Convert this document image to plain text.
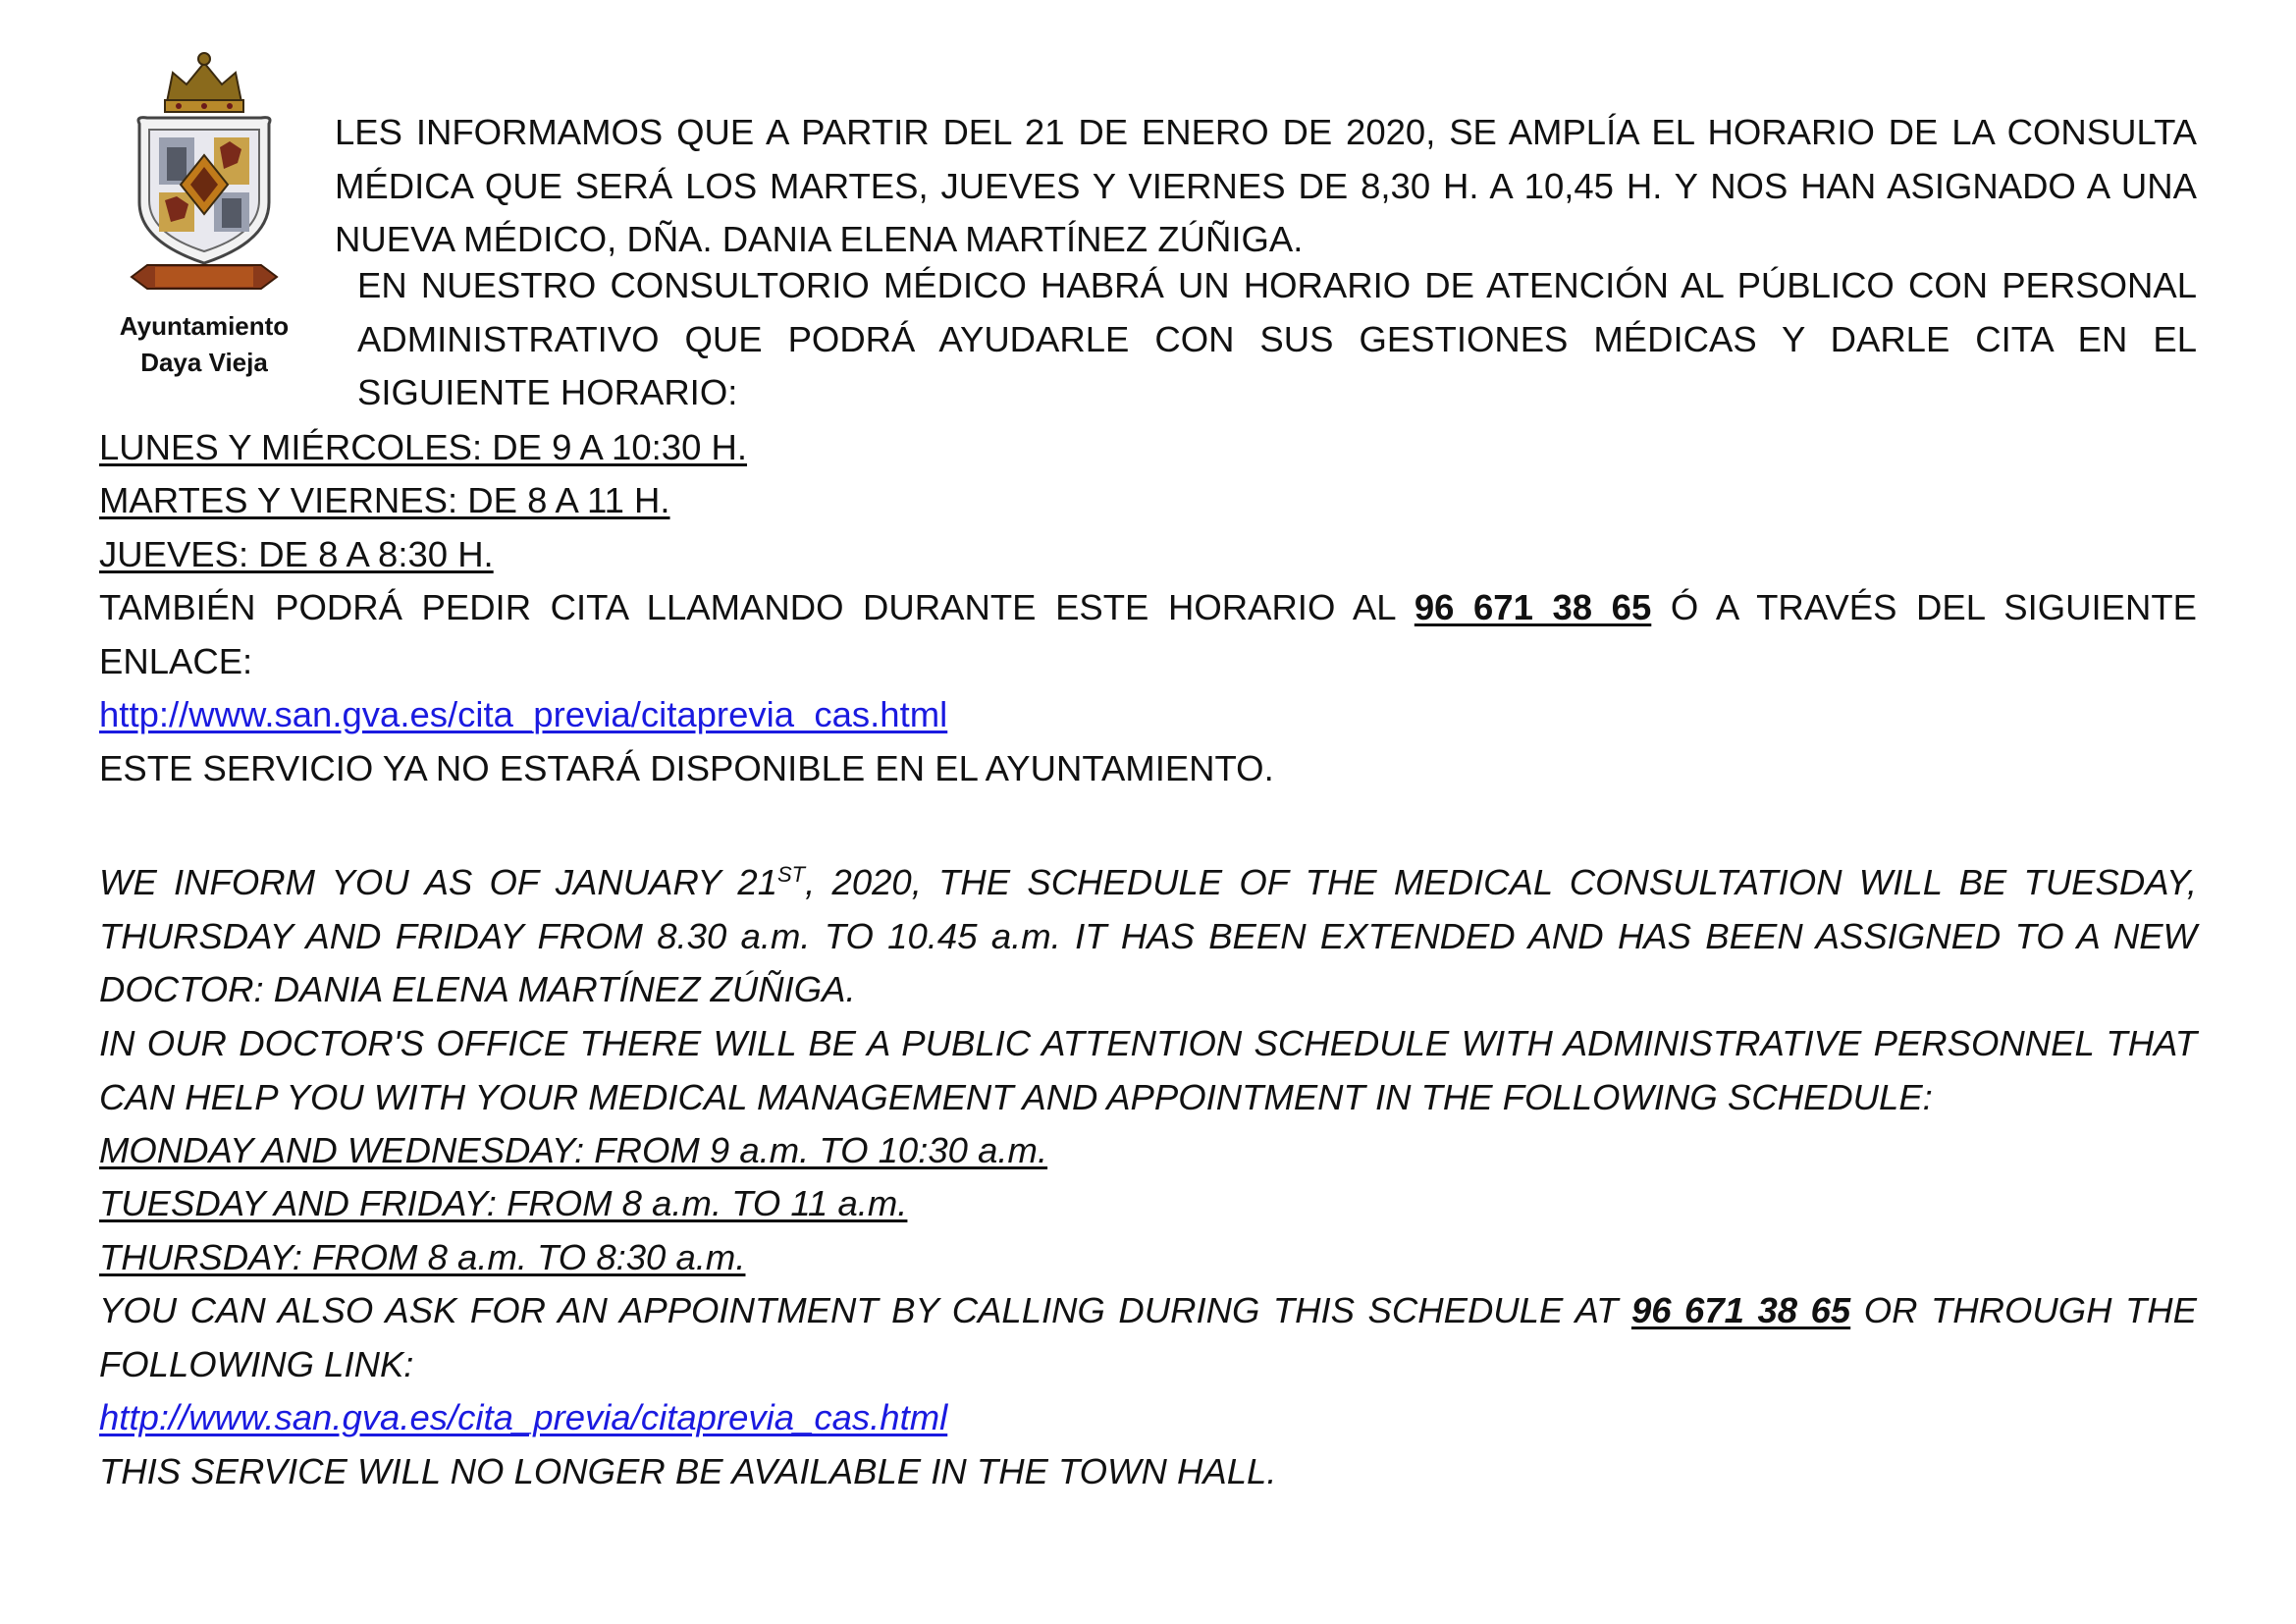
Ayuntamiento
Daya Vieja
LES INFORMAMOS QUE A PARTIR DEL 21 DE ENERO DE 2020, SE AMPLÍA EL HORARIO DE LA CONSULTA MÉDICA QUE SERÁ LOS MARTES, JUEVES Y VIERNES DE 8,30 H. A 10,45 H. Y NOS HAN ASIGNADO A UNA NUEVA MÉDICO, DÑA. DANIA ELENA MARTÍNEZ ZÚÑIGA.
EN NUESTRO CONSULTORIO MÉDICO HABRÁ UN HORARIO DE ATENCIÓN AL PÚBLICO CON PERSONAL ADMINISTRATIVO QUE PODRÁ AYUDARLE CON SUS GESTIONES MÉDICAS Y DARLE CITA EN EL SIGUIENTE HORARIO:
LUNES Y MIÉRCOLES: DE 9 A 10:30 H.
MARTES Y VIERNES: DE 8 A 11 H.
JUEVES: DE 8 A 8:30 H.
TAMBIÉN PODRÁ PEDIR CITA LLAMANDO DURANTE ESTE HORARIO AL 96 671 38 65 Ó A TRAVÉS DEL SIGUIENTE ENLACE:
http://www.san.gva.es/cita_previa/citaprevia_cas.html
ESTE SERVICIO YA NO ESTARÁ DISPONIBLE EN EL AYUNTAMIENTO.
WE INFORM YOU AS OF JANUARY 21ST, 2020, THE SCHEDULE OF THE MEDICAL CONSULTATION WILL BE TUESDAY, THURSDAY AND FRIDAY FROM 8.30 a.m. TO 10.45 a.m. IT HAS BEEN EXTENDED AND HAS BEEN ASSIGNED TO A NEW DOCTOR: DANIA ELENA MARTÍNEZ ZÚÑIGA.
IN OUR DOCTOR'S OFFICE THERE WILL BE A PUBLIC ATTENTION SCHEDULE WITH ADMINISTRATIVE PERSONNEL THAT CAN HELP YOU WITH YOUR MEDICAL MANAGEMENT AND APPOINTMENT IN THE FOLLOWING SCHEDULE:
MONDAY AND WEDNESDAY: FROM 9 a.m. TO 10:30 a.m.
TUESDAY AND FRIDAY: FROM 8 a.m. TO 11 a.m.
THURSDAY: FROM 8 a.m. TO 8:30 a.m.
YOU CAN ALSO ASK FOR AN APPOINTMENT BY CALLING DURING THIS SCHEDULE AT 96 671 38 65 OR THROUGH THE FOLLOWING LINK:
http://www.san.gva.es/cita_previa/citaprevia_cas.html
THIS SERVICE WILL NO LONGER BE AVAILABLE IN THE TOWN HALL.
